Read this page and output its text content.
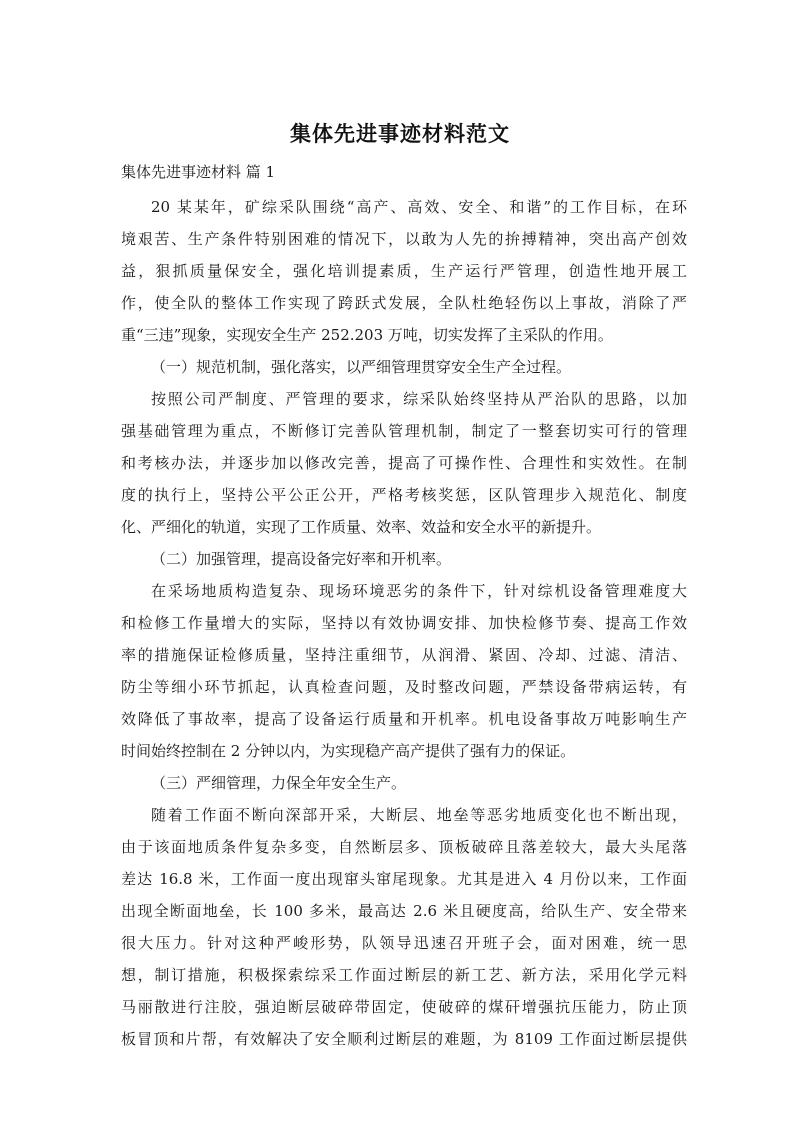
集体先进事迹材料范文
集体先进事迹材料 篇 1
20 某某年，矿综采队围绕“高产、高效、安全、和谐”的工作目标，在环
境艰苦、生产条件特别困难的情况下，以敢为人先的拚搏精神，突出高产创效
益，狠抓质量保安全，强化培训提素质，生产运行严管理，创造性地开展工
作，使全队的整体工作实现了跨跃式发展，全队杜绝轻伤以上事故，消除了严
重“三违”现象，实现安全生产 252.203 万吨，切实发挥了主采队的作用。
（一）规范机制，强化落实，以严细管理贯穿安全生产全过程。
按照公司严制度、严管理的要求，综采队始终坚持从严治队的思路，以加
强基础管理为重点，不断修订完善队管理机制，制定了一整套切实可行的管理
和考核办法，并逐步加以修改完善，提高了可操作性、合理性和实效性。在制
度的执行上，坚持公平公正公开，严格考核奖惩，区队管理步入规范化、制度
化、严细化的轨道，实现了工作质量、效率、效益和安全水平的新提升。
（二）加强管理，提高设备完好率和开机率。
在采场地质构造复杂、现场环境恶劣的条件下，针对综机设备管理难度大
和检修工作量增大的实际，坚持以有效协调安排、加快检修节奏、提高工作效
率的措施保证检修质量，坚持注重细节，从润滑、紧固、冷却、过滤、清洁、
防尘等细小环节抓起，认真检查问题，及时整改问题，严禁设备带病运转，有
效降低了事故率，提高了设备运行质量和开机率。机电设备事故万吨影响生产
时间始终控制在 2 分钟以内，为实现稳产高产提供了强有力的保证。
（三）严细管理，力保全年安全生产。
随着工作面不断向深部开采，大断层、地垒等恶劣地质变化也不断出现，
由于该面地质条件复杂多变，自然断层多、顶板破碎且落差较大，最大头尾落
差达 16.8 米，工作面一度出现窜头窜尾现象。尤其是进入 4 月份以来，工作面
出现全断面地垒，长 100 多米，最高达 2.6 米且硬度高，给队生产、安全带来
很大压力。针对这种严峻形势，队领导迅速召开班子会，面对困难，统一思
想，制订措施，积极探索综采工作面过断层的新工艺、新方法，采用化学元料
马丽散进行注胶，强迫断层破碎带固定，使破碎的煤矸增强抗压能力，防止顶
板冒顶和片帮，有效解决了安全顺利过断层的难题，为 8109 工作面过断层提供
